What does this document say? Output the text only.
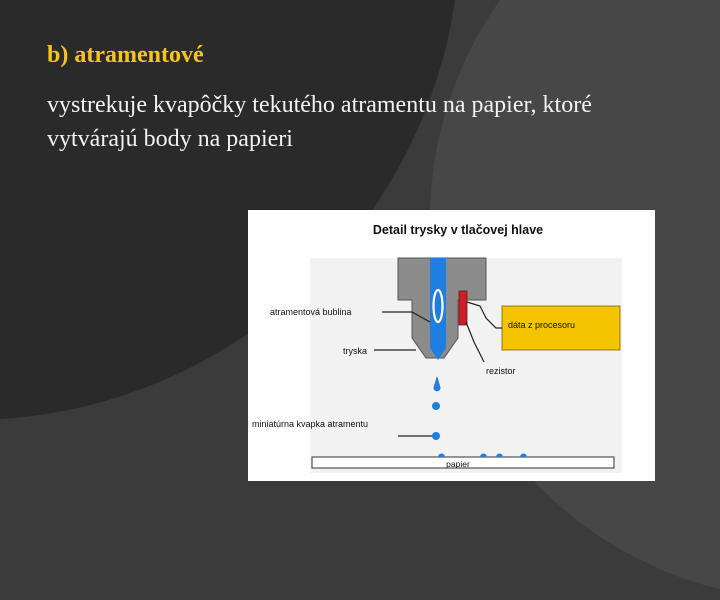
b) atramentové
vystrekuje kvapôčky tekutého atramentu na papier, ktoré vytvárajú body na papieri
Detail trysky v tlačovej hlave
dáta z procesoru
atramentová bublina
tryska
rezistor
miniatúrna kvapka atramentu
papier
